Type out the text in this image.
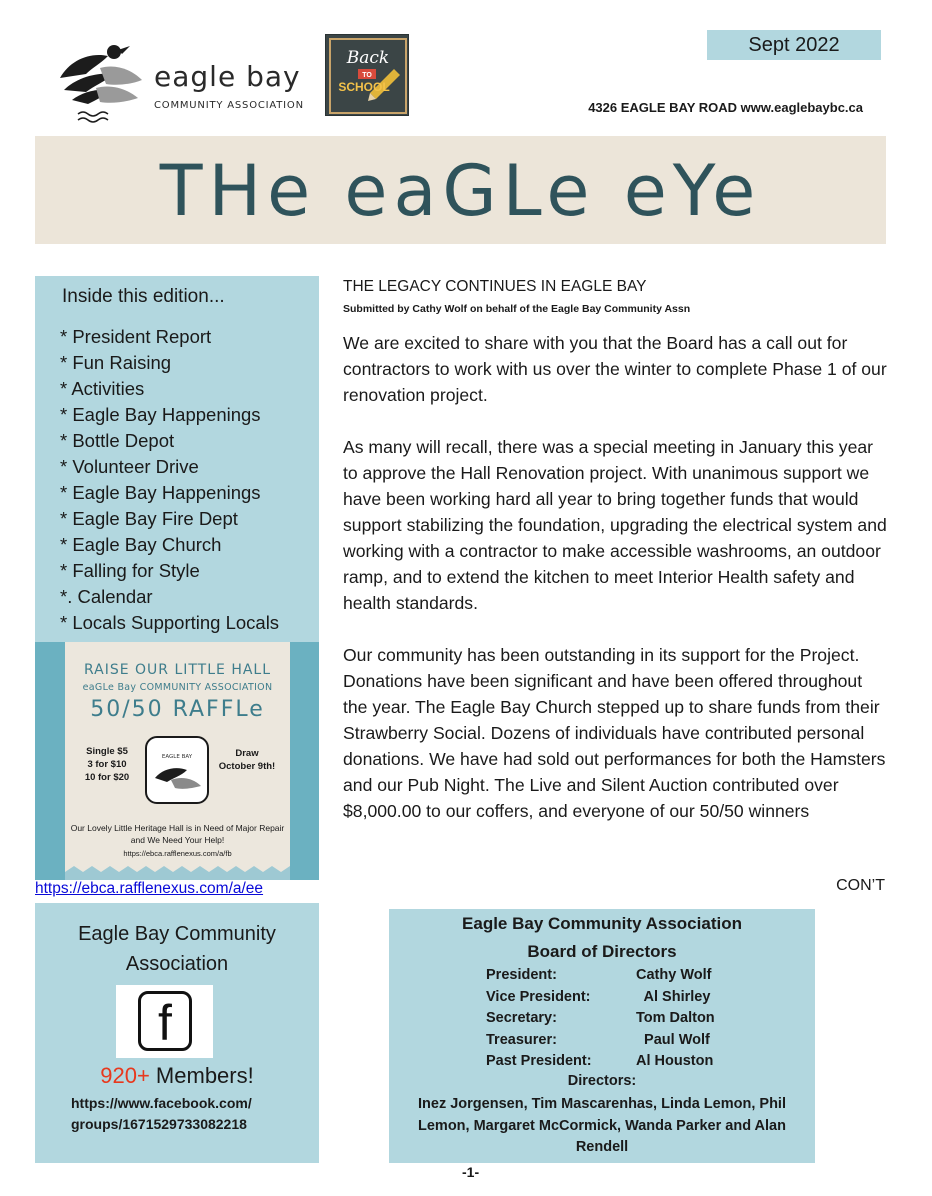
eagle bay
COMMUNITY ASSOCIATION
Back
TO
SCHOOL
Sept 2022
4326 EAGLE BAY ROAD www.eaglebaybc.ca
THe eaGLe eYe
Inside this edition...
* President Report
* Fun Raising
* Activities
* Eagle Bay Happenings
* Bottle Depot
* Volunteer Drive
* Eagle Bay Happenings
* Eagle Bay Fire Dept
* Eagle Bay Church
* Falling for Style
*. Calendar
* Locals Supporting Locals
RAISE OUR LITTLE HALL
eaGLe Bay COMMUNITY ASSOCIATION
50/50 RAFFLe
Single $5
3 for $10
10 for $20
EAGLE BAY	Draw
October 9th!
Our Lovely Little Heritage Hall is in Need of Major Repair and We Need Your Help!
https://ebca.rafflenexus.com/a/fb
https://ebca.rafflenexus.com/a/ee
Eagle Bay Community
Association
f
920+ Members!
https://www.facebook.com/
groups/1671529733082218
THE LEGACY CONTINUES IN EAGLE BAY
Submitted by Cathy Wolf on behalf of the Eagle Bay Community Assn

We are excited to share with you that the Board has a call out for contractors to work with us over the winter to complete Phase 1 of our renovation project.

As many will recall, there was a special meeting in January this year to approve the Hall Renovation project. With unanimous support we have been working hard all year to bring together funds that would support stabilizing the foundation, upgrading the electrical system and working with a contractor to make accessible washrooms, an outdoor ramp, and to extend the kitchen to meet Interior Health safety and health standards.

Our community has been outstanding in its support for the Project. Donations have been significant and have been offered throughout the year. The Eagle Bay Church stepped up to share funds from their Strawberry Social. Dozens of individuals have contributed personal donations. We have had sold out performances for both the Hamsters and our Pub Night. The Live and Silent Auction contributed over $8,000.00 to our coffers, and everyone of our 50/50 winners

CON’T
Eagle Bay Community Association
Board of Directors
President:	Cathy Wolf
Vice President:	Al Shirley
Secretary:	Tom Dalton
Treasurer:	Paul Wolf
Past President:	Al Houston
Directors:
Inez Jorgensen, Tim Mascarenhas, Linda Lemon, Phil Lemon, Margaret McCormick, Wanda Parker and Alan Rendell
-1-
